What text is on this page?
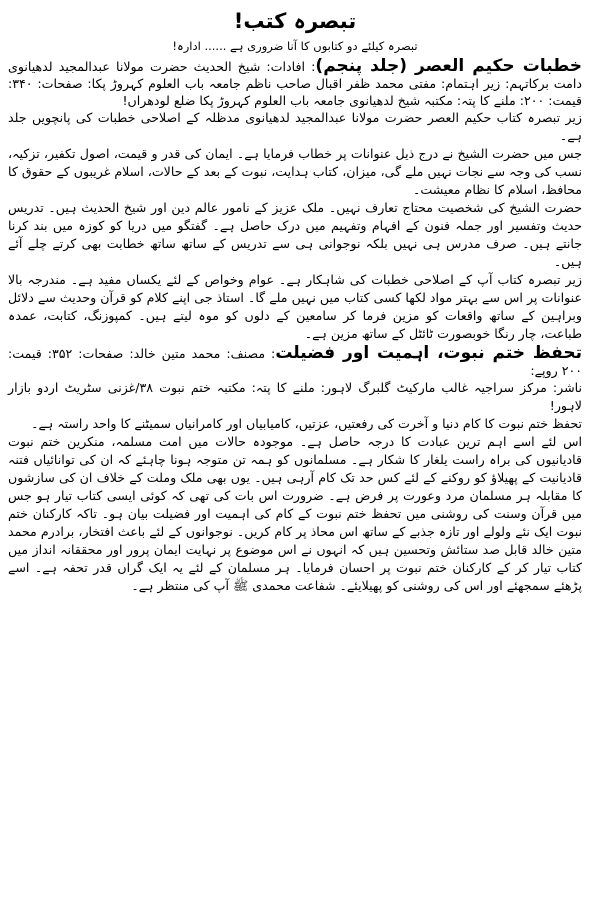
تبصرہ کتب!
تبصرہ کیلئے دو کتابوں کا آنا ضروری ہے ...... ادارہ!

خطبات حکیم العصر (جلد پنجم): افادات: شیخ الحدیث حضرت مولانا عبدالمجید لدھیانوی دامت برکاتہم: زیر اہتمام: مفتی محمد ظفر اقبال صاحب ناظم جامعہ باب العلوم کہروڑ پکا: صفحات: ۳۴۰: قیمت: ۲۰۰: ملنے کا پتہ: مکتبہ شیخ لدھیانوی جامعہ باب العلوم کہروڑ پکا ضلع لودھراں!

زیر تبصرہ کتاب حکیم العصر حضرت مولانا عبدالمجید لدھیانوی مدظلہ کے اصلاحی خطبات کی پانچویں جلد ہے۔

جس میں حضرت الشیخ نے درج ذیل عنوانات پر خطاب فرمایا ہے۔ ایمان کی قدر و قیمت، اصول تکفیر، تزکیہ، نسب کی وجہ سے نجات نہیں ملے گی، میزان، کتاب ہدایت، نبوت کے بعد کے حالات، اسلام غریبوں کے حقوق کا محافظ، اسلام کا نظام معیشت۔

حضرت الشیخ کی شخصیت محتاج تعارف نہیں۔ ملک عزیز کے نامور عالم دین اور شیخ الحدیث ہیں۔ تدریس حدیث وتفسیر اور جملہ فنون کے افہام وتفہیم میں درک حاصل ہے۔ گفتگو میں دریا کو کوزہ میں بند کرنا جانتے ہیں۔ صرف مدرس ہی نہیں بلکہ نوجوانی ہی سے تدریس کے ساتھ ساتھ خطابت بھی کرتے چلے آئے ہیں۔

زیر تبصرہ کتاب آپ کے اصلاحی خطبات کی شاہکار ہے۔ عوام وخواص کے لئے یکساں مفید ہے۔ مندرجہ بالا عنوانات پر اس سے بہتر مواد لکھا کسی کتاب میں نہیں ملے گا۔ استاذ جی اپنے کلام کو قرآن وحدیث سے دلائل وبراہین کے ساتھ واقعات کو مزین فرما کر سامعین کے دلوں کو موہ لیتے ہیں۔ کمپوزنگ، کتابت، عمدہ طباعت، چار رنگا خوبصورت ٹائٹل کے ساتھ مزین ہے۔

تحفظ ختم نبوت، اہمیت اور فضیلت: مصنف: محمد متین خالد: صفحات: ۳۵۲: قیمت: ۲۰۰ روپے:
ناشر: مرکز سراجیہ غالب مارکیٹ گلبرگ لاہور: ملنے کا پتہ: مکتبہ ختم نبوت ۳۸/غزنی سٹریٹ اردو بازار لاہور!

تحفظ ختم نبوت کا کام دنیا و آخرت کی رفعتیں، عزتیں، کامیابیاں اور کامرانیاں سمیٹنے کا واحد راستہ ہے۔

اس لئے اسے اہم ترین عبادت کا درجہ حاصل ہے۔ موجودہ حالات میں امت مسلمہ، منکرین ختم نبوت قادیانیوں کی براہ راست یلغار کا شکار ہے۔ مسلمانوں کو ہمہ تن متوجہ ہونا چاہئے کہ ان کی توانائیاں فتنہ قادیانیت کے پھیلاؤ کو روکنے کے لئے کس حد تک کام آرہی ہیں۔ یوں بھی ملک وملت کے خلاف ان کی سازشوں کا مقابلہ ہر مسلمان مرد وعورت پر فرض ہے۔ ضرورت اس بات کی تھی کہ کوئی ایسی کتاب تیار ہو جس میں قرآن وسنت کی روشنی میں تحفظ ختم نبوت کے کام کی اہمیت اور فضیلت بیان ہو۔ تاکہ کارکنان ختم نبوت ایک نئے ولولے اور تازہ جذبے کے ساتھ اس محاذ پر کام کریں۔ نوجوانوں کے لئے باعث افتخار، برادرم محمد متین خالد قابل صد ستائش وتحسین ہیں کہ انہوں نے اس موضوع پر نہایت ایمان پرور اور محققانہ انداز میں کتاب تیار کر کے کارکنان ختم نبوت پر احسان فرمایا۔ ہر مسلمان کے لئے یہ ایک گراں قدر تحفہ ہے۔ اسے پڑھئے سمجھئے اور اس کی روشنی کو پھیلایئے۔ شفاعت محمدی ﷺ آپ کی منتظر ہے۔
